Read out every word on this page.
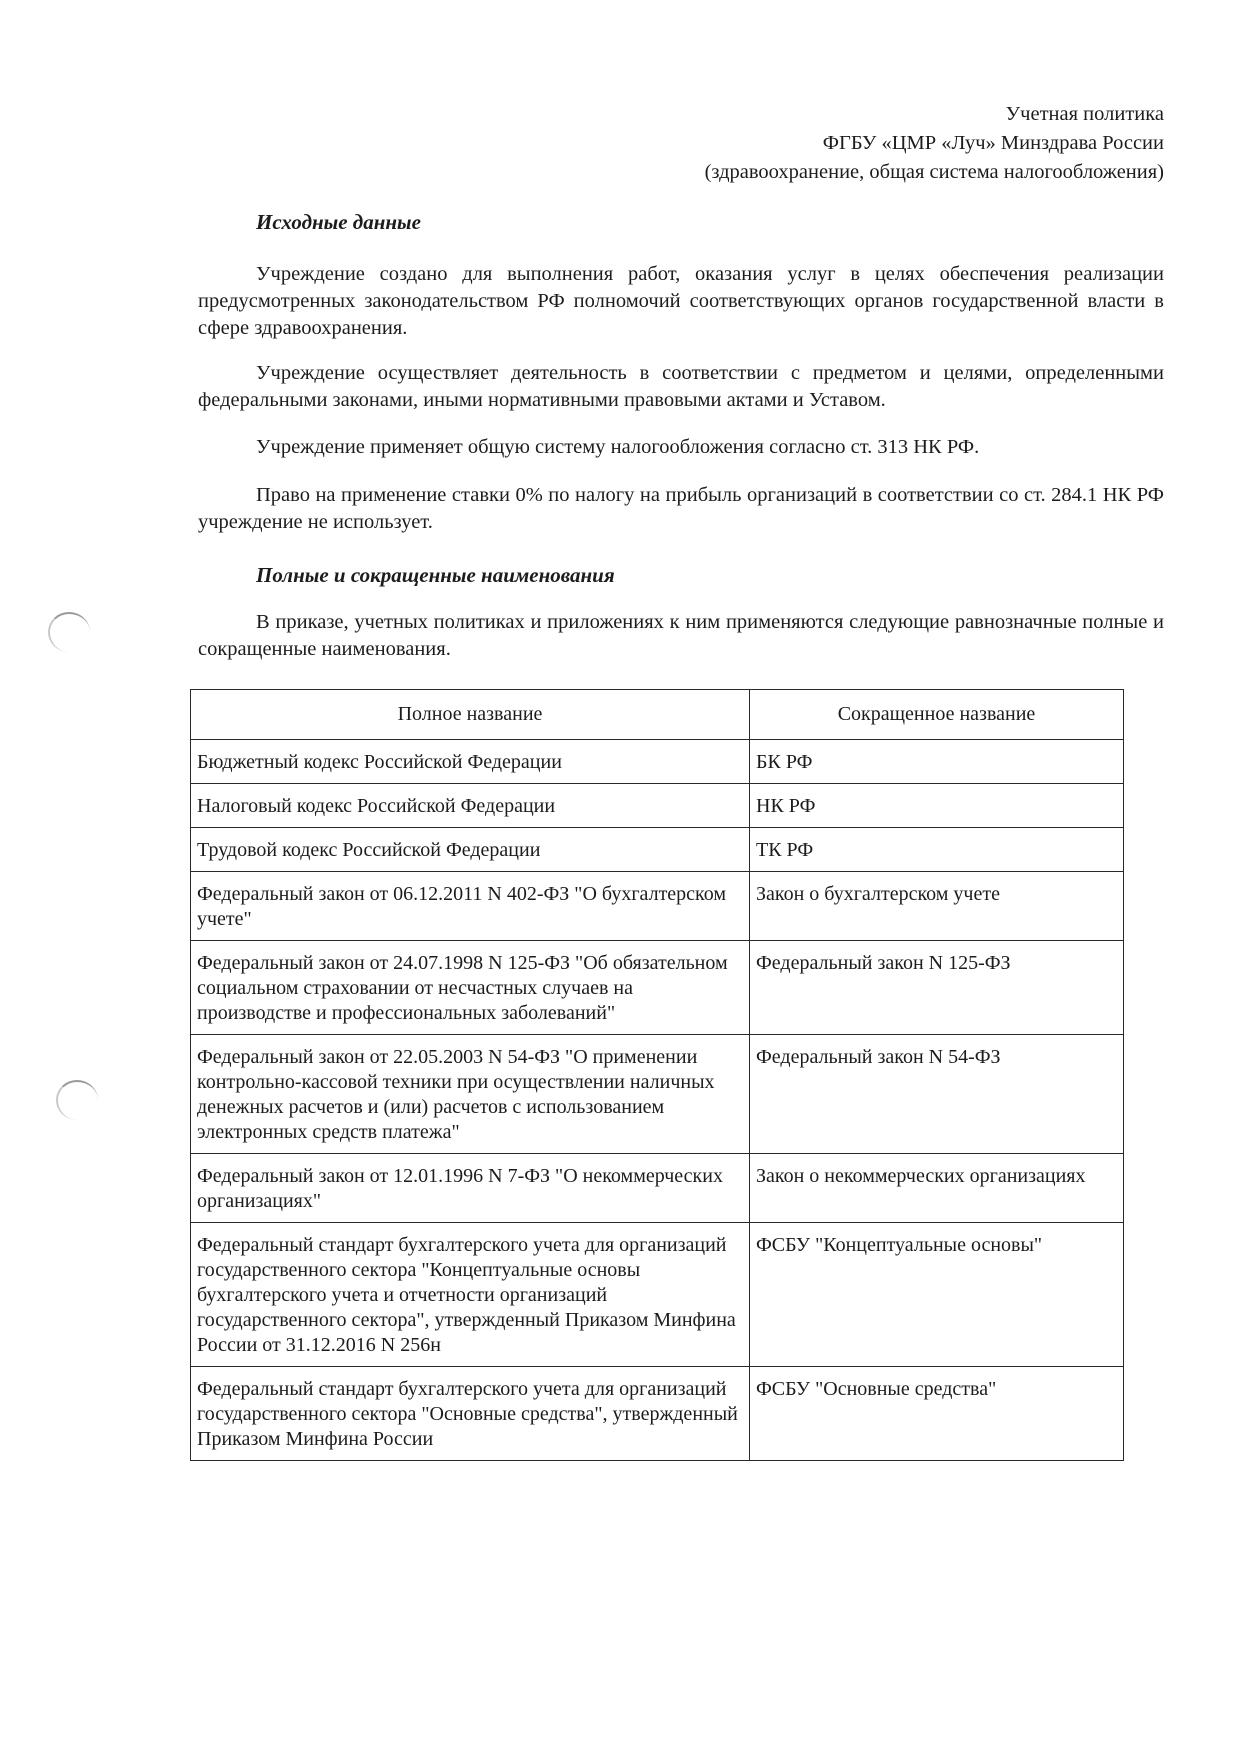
Учетная политика
ФГБУ «ЦМР «Луч» Минздрава России
(здравоохранение, общая система налогообложения)
Исходные данные
Учреждение создано для выполнения работ, оказания услуг в целях обеспечения реализации предусмотренных законодательством РФ полномочий соответствующих органов государственной власти в сфере здравоохранения.
Учреждение осуществляет деятельность в соответствии с предметом и целями, определенными федеральными законами, иными нормативными правовыми актами и Уставом.
Учреждение применяет общую систему налогообложения согласно ст. 313 НК РФ.
Право на применение ставки 0% по налогу на прибыль организаций в соответствии со ст. 284.1 НК РФ учреждение не использует.
Полные и сокращенные наименования
В приказе, учетных политиках и приложениях к ним применяются следующие равнозначные полные и сокращенные наименования.
Полное название	Сокращенное название
Бюджетный кодекс Российской Федерации	БК РФ
Налоговый кодекс Российской Федерации	НК РФ
Трудовой кодекс Российской Федерации	ТК РФ
Федеральный закон от 06.12.2011 N 402-ФЗ "О бухгалтерском учете"	Закон о бухгалтерском учете
Федеральный закон от 24.07.1998 N 125-ФЗ "Об обязательном социальном страховании от несчастных случаев на производстве и профессиональных заболеваний"	Федеральный закон N 125-ФЗ
Федеральный закон от 22.05.2003 N 54-ФЗ "О применении контрольно-кассовой техники при осуществлении наличных денежных расчетов и (или) расчетов с использованием электронных средств платежа"	Федеральный закон N 54-ФЗ
Федеральный закон от 12.01.1996 N 7-ФЗ "О некоммерческих организациях"	Закон о некоммерческих организациях
Федеральный стандарт бухгалтерского учета для организаций государственного сектора "Концептуальные основы бухгалтерского учета и отчетности организаций государственного сектора", утвержденный Приказом Минфина России от 31.12.2016 N 256н	ФСБУ "Концептуальные основы"
Федеральный стандарт бухгалтерского учета для организаций государственного сектора "Основные средства", утвержденный Приказом Минфина России	ФСБУ "Основные средства"
